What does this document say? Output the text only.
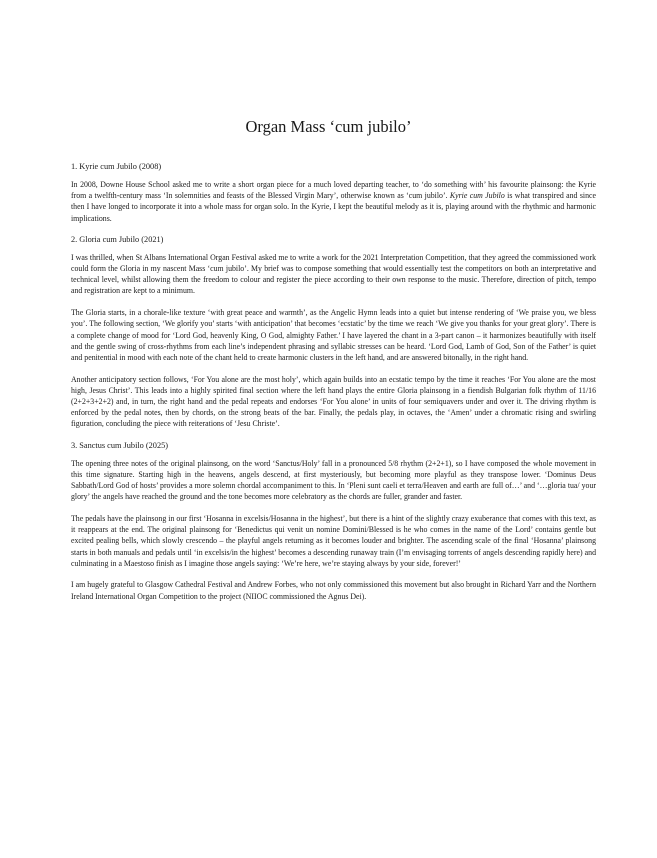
Organ Mass ‘cum jubilo’
1. Kyrie cum Jubilo (2008)

In 2008, Downe House School asked me to write a short organ piece for a much loved departing teacher, to ‘do something with’ his favourite plainsong: the Kyrie from a twelfth-century mass ‘In solemnities and feasts of the Blessed Virgin Mary’, otherwise known as ‘cum jubilo’. Kyrie cum Jubilo is what transpired and since then I have longed to incorporate it into a whole mass for organ solo. In the Kyrie, I kept the beautiful melody as it is, playing around with the rhythmic and harmonic implications.

2. Gloria cum Jubilo (2021)

I was thrilled, when St Albans International Organ Festival asked me to write a work for the 2021 Interpretation Competition, that they agreed the commissioned work could form the Gloria in my nascent Mass ‘cum jubilo’. My brief was to compose something that would essentially test the competitors on both an interpretative and technical level, whilst allowing them the freedom to colour and register the piece according to their own response to the music. Therefore, direction of pitch, tempo and registration are kept to a minimum.

The Gloria starts, in a chorale-like texture ‘with great peace and warmth’, as the Angelic Hymn leads into a quiet but intense rendering of ‘We praise you, we bless you’. The following section, ‘We glorify you’ starts ‘with anticipation’ that becomes ‘ecstatic’ by the time we reach ‘We give you thanks for your great glory’. There is a complete change of mood for ‘Lord God, heavenly King, O God, almighty Father.’ I have layered the chant in a 3-part canon – it harmonizes beautifully with itself and the gentle swing of cross-rhythms from each line’s independent phrasing and syllabic stresses can be heard. ‘Lord God, Lamb of God, Son of the Father’ is quiet and penitential in mood with each note of the chant held to create harmonic clusters in the left hand, and are answered bitonally, in the right hand.

Another anticipatory section follows, ‘For You alone are the most holy’, which again builds into an ecstatic tempo by the time it reaches ‘For You alone are the most high, Jesus Christ’. This leads into a highly spirited final section where the left hand plays the entire Gloria plainsong in a fiendish Bulgarian folk rhythm of 11/16 (2+2+3+2+2) and, in turn, the right hand and the pedal repeats and endorses ‘For You alone’ in units of four semiquavers under and over it. The driving rhythm is enforced by the pedal notes, then by chords, on the strong beats of the bar. Finally, the pedals play, in octaves, the ‘Amen’ under a chromatic rising and swirling figuration, concluding the piece with reiterations of ‘Jesu Christe’.

3. Sanctus cum Jubilo (2025)

The opening three notes of the original plainsong, on the word ‘Sanctus/Holy’ fall in a pronounced 5/8 rhythm (2+2+1), so I have composed the whole movement in this time signature. Starting high in the heavens, angels descend, at first mysteriously, but becoming more playful as they transpose lower. ‘Dominus Deus Sabbath/Lord God of hosts’ provides a more solemn chordal accompaniment to this. In ‘Pleni sunt caeli et terra/Heaven and earth are full of…’ and ‘…gloria tua/ your glory’ the angels have reached the ground and the tone becomes more celebratory as the chords are fuller, grander and faster.

The pedals have the plainsong in our first ‘Hosanna in excelsis/Hosanna in the highest’, but there is a hint of the slightly crazy exuberance that comes with this text, as it reappears at the end. The original plainsong for ‘Benedictus qui venit un nomine Domini/Blessed is he who comes in the name of the Lord’ contains gentle but excited pealing bells, which slowly crescendo – the playful angels returning as it becomes louder and brighter. The ascending scale of the final ‘Hosanna’ plainsong starts in both manuals and pedals until ‘in excelsis/in the highest’ becomes a descending runaway train (I’m envisaging torrents of angels descending rapidly here) and culminating in a Maestoso finish as I imagine those angels saying: ‘We’re here, we’re staying always by your side, forever!’

I am hugely grateful to Glasgow Cathedral Festival and Andrew Forbes, who not only commissioned this movement but also brought in Richard Yarr and the Northern Ireland International Organ Competition to the project (NIIOC commissioned the Agnus Dei).
